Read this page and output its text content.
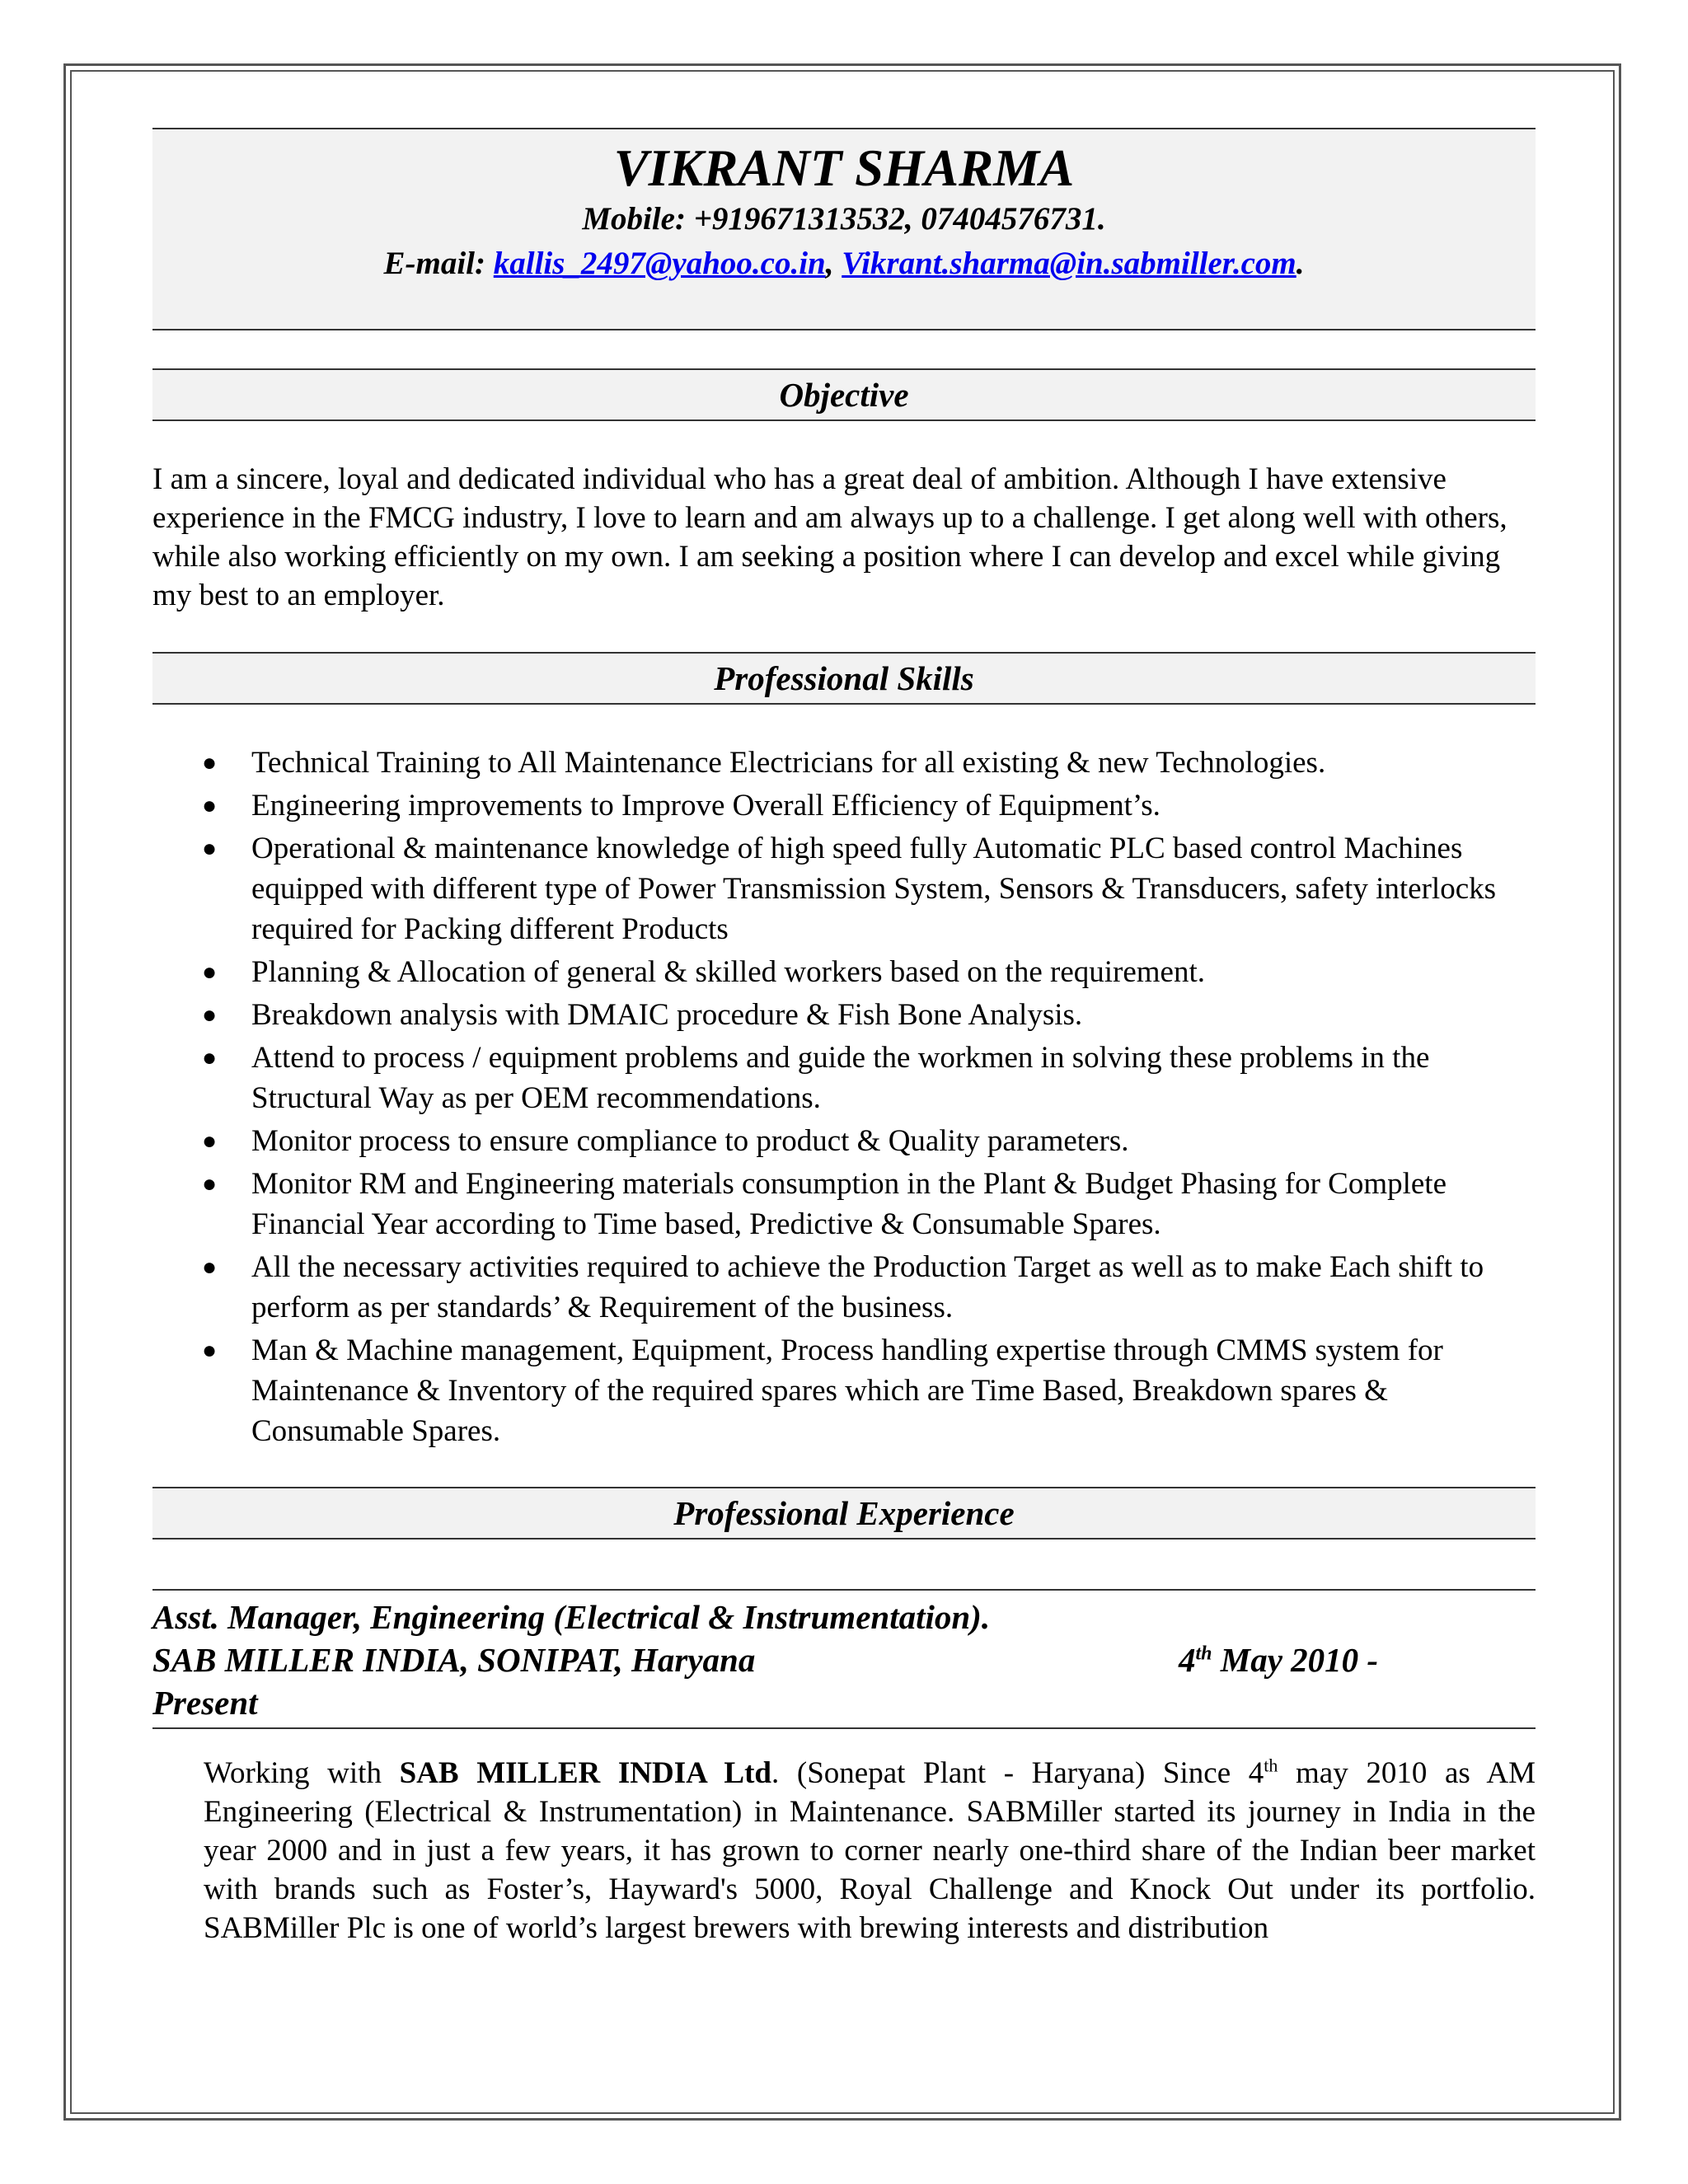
VIKRANT SHARMA
Mobile: +919671313532, 07404576731.
E-mail: kallis_2497@yahoo.co.in, Vikrant.sharma@in.sabmiller.com.
Objective
I am a sincere, loyal and dedicated individual who has a great deal of ambition. Although I have extensive experience in the FMCG industry, I love to learn and am always up to a challenge. I get along well with others, while also working efficiently on my own. I am seeking a position where I can develop and excel while giving my best to an employer.
Professional Skills
● Technical Training to All Maintenance Electricians for all existing & new Technologies.
● Engineering improvements to Improve Overall Efficiency of Equipment’s.
● Operational & maintenance knowledge of high speed fully Automatic PLC based control Machines equipped with different type of Power Transmission System, Sensors & Transducers, safety interlocks required for Packing different Products
● Planning & Allocation of general & skilled workers based on the requirement.
● Breakdown analysis with DMAIC procedure & Fish Bone Analysis.
● Attend to process / equipment problems and guide the workmen in solving these problems in the Structural Way as per OEM recommendations.
● Monitor process to ensure compliance to product & Quality parameters.
● Monitor RM and Engineering materials consumption in the Plant & Budget Phasing for Complete Financial Year according to Time based, Predictive & Consumable Spares.
● All the necessary activities required to achieve the Production Target as well as to make Each shift to perform as per standards’ & Requirement of the business.
● Man & Machine management, Equipment, Process handling expertise through CMMS system for Maintenance & Inventory of the required spares which are Time Based, Breakdown spares & Consumable Spares.
Professional Experience
Asst. Manager, Engineering (Electrical & Instrumentation).
SAB MILLER INDIA, SONIPAT, Haryana	4th May 2010 -
Present
Working with SAB MILLER INDIA Ltd. (Sonepat Plant - Haryana) Since 4th may 2010 as AM Engineering (Electrical & Instrumentation) in Maintenance. SABMiller started its journey in India in the year 2000 and in just a few years, it has grown to corner nearly one-third share of the Indian beer market with brands such as Foster’s, Hayward's 5000, Royal Challenge and Knock Out under its portfolio. SABMiller Plc is one of world’s largest brewers with brewing interests and distribution
